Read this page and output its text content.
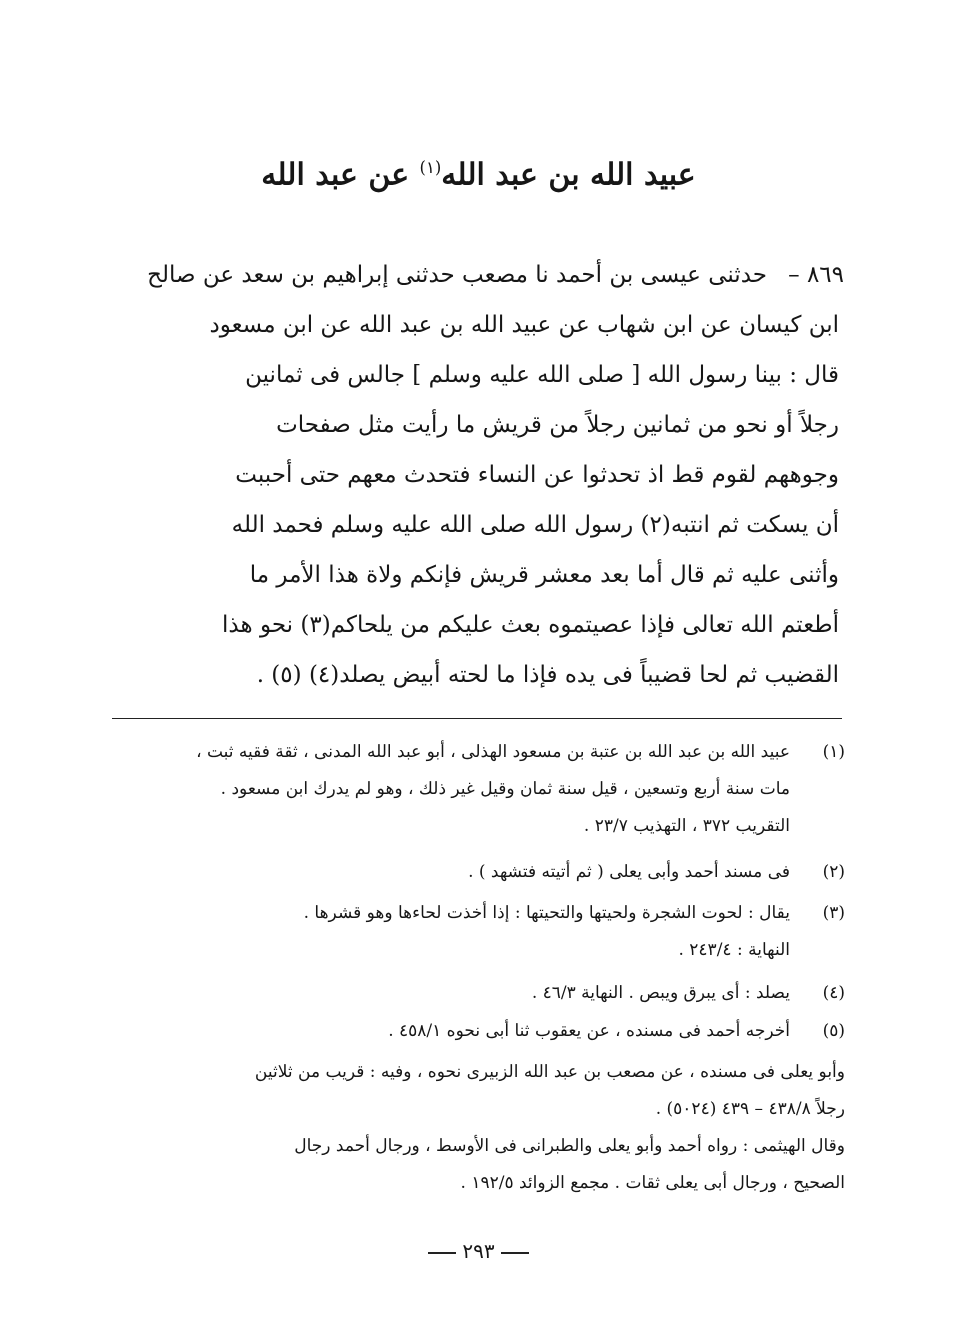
عبيد الله بن عبد الله$^{(١)}$ عن عبد الله
٨٦٩ –
حدثنى عيسى بن أحمد نا مصعب حدثنى إبراهيم بن سعد عن صالح
ابن كيسان عن ابن شهاب عن عبيد الله بن عبد الله عن ابن مسعود
قال : بينا رسول الله [ صلى الله عليه وسلم ] جالس فى ثمانين
رجلاً أو نحو من ثمانين رجلاً من قريش ما رأيت مثل صفحات
وجوههم لقوم قط اذ تحدثوا عن النساء فتحدث معهم حتى أحببت
أن يسكت ثم انتبه(٢) رسول الله صلى الله عليه وسلم فحمد الله
وأثنى عليه ثم قال أما بعد معشر قريش فإنكم ولاة هذا الأمر ما
أطعتم الله تعالى فإذا عصيتموه بعث عليكم من يلحاكم(٣) نحو هذا
القضيب ثم لحا قضيباً فى يده فإذا ما لحته أبيض يصلد(٤) (٥) .
(١)
عبيد الله بن عبد الله بن عتبة بن مسعود الهذلى ، أبو عبد الله المدنى ، ثقة فقيه ثبت ،
مات سنة أربع وتسعين ، قيل سنة ثمان وقيل غير ذلك ، وهو لم يدرك ابن مسعود .
التقريب ٣٧٢ ، التهذيب ٢٣/٧ .
(٢)
فى مسند أحمد وأبى يعلى ( ثم أتيته فتشهد ) .
(٣)
يقال : لحوت الشجرة ولحيتها والتحيتها : إذا أخذت لحاءها وهو قشرها .
النهاية : ٢٤٣/٤ .
(٤)
يصلد : أى يبرق ويبص . النهاية ٤٦/٣ .
(٥)
أخرجه أحمد فى مسنده ، عن يعقوب ثنا أبى نحوه ٤٥٨/١ .
وأبو يعلى فى مسنده ، عن مصعب بن عبد الله الزبيرى نحوه ، وفيه : قريب من ثلاثين
رجلاً ٤٣٨/٨ – ٤٣٩ (٥٠٢٤) .
وقال الهيثمى : رواه أحمد وأبو يعلى والطبرانى فى الأوسط ، ورجال أحمد رجال
الصحيح ، ورجال أبى يعلى ثقات . مجمع الزوائد ١٩٢/٥ .
٢٩٣
